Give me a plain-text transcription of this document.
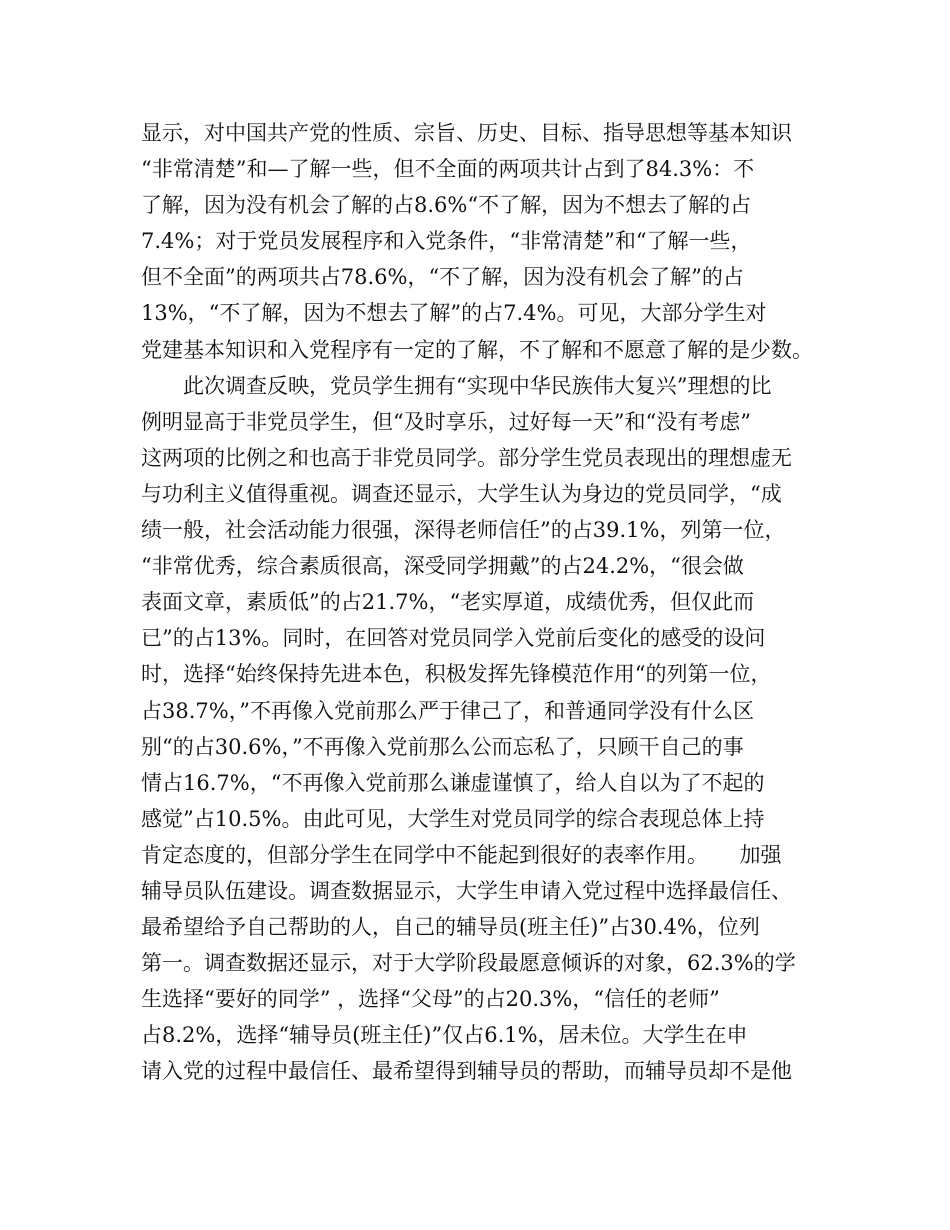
显示，对中国共产党的性质、宗旨、历史、目标、指导思想等基本知识
“非常清楚”和—了解一些，但不全面的两项共计占到了84.3%：不
了解，因为没有机会了解的占8.6%“不了解，因为不想去了解的占
7.4%；对于党员发展程序和入党条件，“非常清楚”和“了解一些，
但不全面”的两项共占78.6%，“不了解，因为没有机会了解”的占
13%，“不了解，因为不想去了解”的占7.4%。可见，大部分学生对
党建基本知识和入党程序有一定的了解，不了解和不愿意了解的是少数。
　　此次调查反映，党员学生拥有“实现中华民族伟大复兴”理想的比
例明显高于非党员学生，但“及时享乐，过好每一天”和“没有考虑”
这两项的比例之和也高于非党员同学。部分学生党员表现出的理想虚无
与功利主义值得重视。调查还显示，大学生认为身边的党员同学，“成
绩一般，社会活动能力很强，深得老师信任”的占39.1%，列第一位，
“非常优秀，综合素质很高，深受同学拥戴”的占24.2%，“很会做
表面文章，素质低”的占21.7%，“老实厚道，成绩优秀，但仅此而
已”的占13%。同时，在回答对党员同学入党前后变化的感受的设问
时，选择“始终保持先进本色，积极发挥先锋模范作用“的列第一位，
占38.7%，”不再像入党前那么严于律己了，和普通同学没有什么区
别“的占30.6%，”不再像入党前那么公而忘私了，只顾干自己的事
情占16.7%，“不再像入党前那么谦虚谨慎了，给人自以为了不起的
感觉”占10.5%。由此可见，大学生对党员同学的综合表现总体上持
肯定态度的，但部分学生在同学中不能起到很好的表率作用。　　加强
辅导员队伍建设。调查数据显示，大学生申请入党过程中选择最信任、
最希望给予自己帮助的人，自己的辅导员(班主任)”占30.4%，位列
第一。调查数据还显示，对于大学阶段最愿意倾诉的对象，62.3%的学
生选择“要好的同学” ，选择“父母”的占20.3%，“信任的老师”
占8.2%，选择“辅导员(班主任)”仅占6.1%，居未位。大学生在申
请入党的过程中最信任、最希望得到辅导员的帮助，而辅导员却不是他
